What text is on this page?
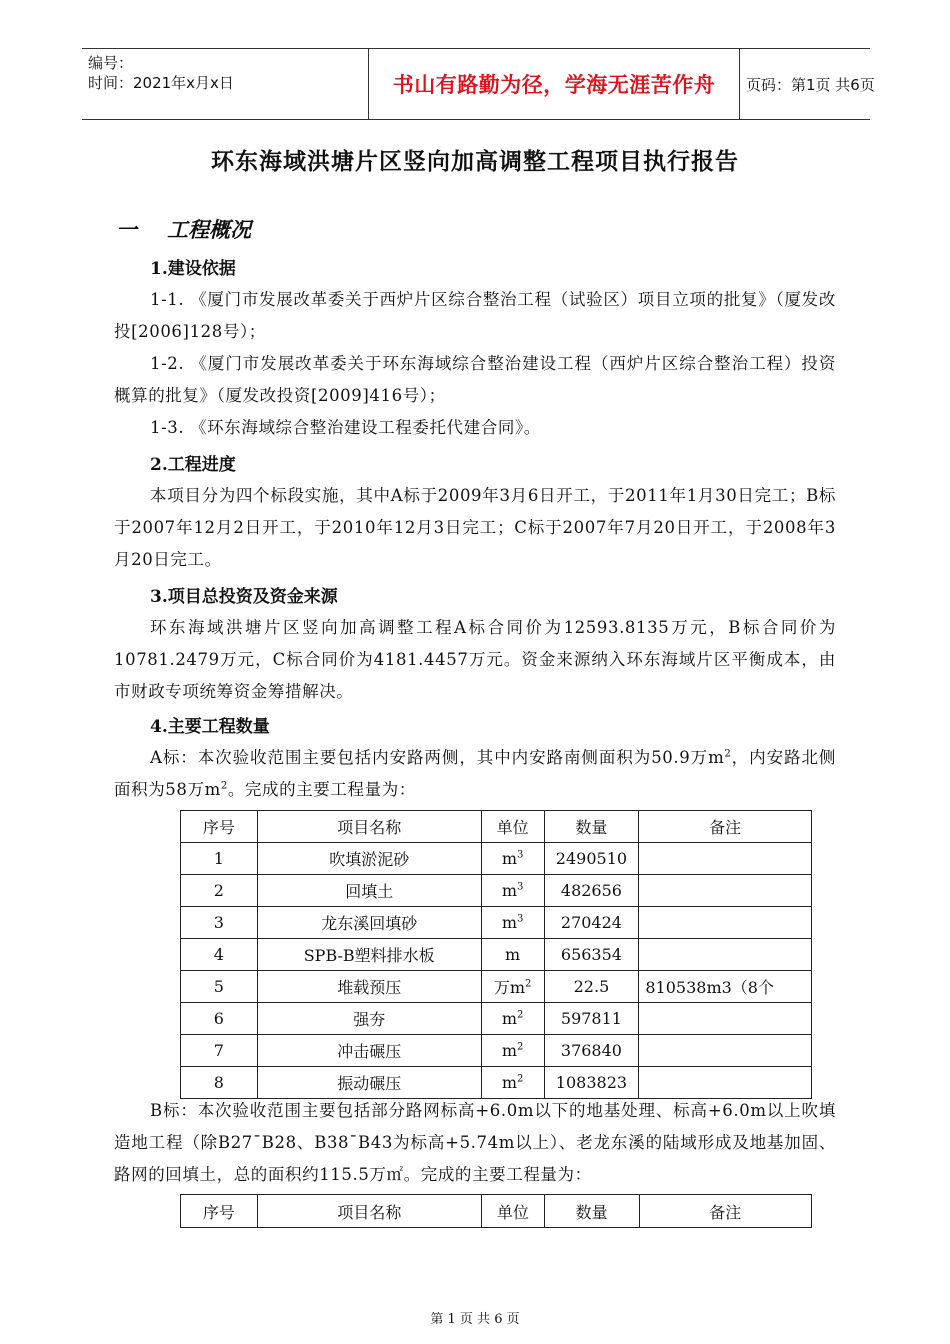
编号：
时间：2021年x月x日	书山有路勤为径，学海无涯苦作舟	页码：第1页 共6页
环东海域洪塘片区竖向加高调整工程项目执行报告
一 工程概况
1.建设依据
1-1. 《厦门市发展改革委关于西炉片区综合整治工程（试验区）项目立项的批复》（厦发改投[2006]128号）；
1-2. 《厦门市发展改革委关于环东海域综合整治建设工程（西炉片区综合整治工程）投资概算的批复》（厦发改投资[2009]416号）；
1-3. 《环东海域综合整治建设工程委托代建合同》。
2.工程进度
本项目分为四个标段实施，其中A标于2009年3月6日开工，于2011年1月30日完工；B标于2007年12月2日开工，于2010年12月3日完工；C标于2007年7月20日开工，于2008年3月20日完工。
3.项目总投资及资金来源
环东海域洪塘片区竖向加高调整工程A标合同价为12593.8135万元，B标合同价为10781.2479万元，C标合同价为4181.4457万元。资金来源纳入环东海域片区平衡成本，由市财政专项统筹资金筹措解决。
4.主要工程数量
A标：本次验收范围主要包括内安路两侧，其中内安路南侧面积为50.9万$m^2$，内安路北侧面积为58万$m^2$。完成的主要工程量为：
序号	项目名称	单位	数量	备注
1	吹填淤泥砂	$m^3$	2490510	
2	回填土	$m^3$	482656	
3	龙东溪回填砂	$m^3$	270424	
4	SPB-B塑料排水板	m	656354	
5	堆载预压	万$m^2$	22.5	810538m3（8个
6	强夯	$m^2$	597811	
7	冲击碾压	$m^2$	376840	
8	振动碾压	$m^2$	1083823	
B标：本次验收范围主要包括部分路网标高+6.0m以下的地基处理、标高+6.0m以上吹填造地工程（除B27¯B28、B38¯B43为标高+5.74m以上）、老龙东溪的陆域形成及地基加固、路网的回填土，总的面积约115.5万㎡。完成的主要工程量为：
序号	项目名称	单位	数量	备注
第 1 页 共 6 页
